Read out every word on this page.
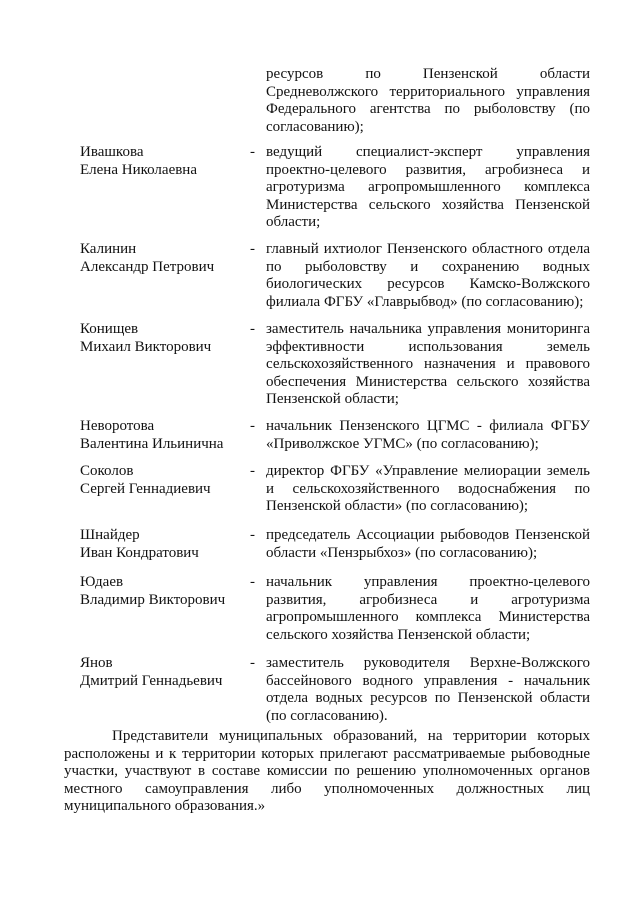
ресурсов по Пензенской области Средневолжского территориального управления Федерального агентства по рыболовству (по согласованию);
Ивашкова
Елена Николаевна
- ведущий специалист-эксперт управления проектно-целевого развития, агробизнеса и агротуризма агропромышленного комплекса Министерства сельского хозяйства Пензенской области;
Калинин
Александр Петрович
- главный ихтиолог Пензенского областного отдела по рыболовству и сохранению водных биологических ресурсов Камско-Волжского филиала ФГБУ «Главрыбвод» (по согласованию);
Конищев
Михаил Викторович
- заместитель начальника управления мониторинга эффективности использования земель сельскохозяйственного назначения и правового обеспечения Министерства сельского хозяйства Пензенской области;
Неворотова
Валентина Ильинична
- начальник Пензенского ЦГМС - филиала ФГБУ «Приволжское УГМС» (по согласованию);
Соколов
Сергей Геннадиевич
- директор ФГБУ «Управление мелиорации земель и сельскохозяйственного водоснабжения по Пензенской области» (по согласованию);
Шнайдер
Иван Кондратович
- председатель Ассоциации рыбоводов Пензенской области «Пензрыбхоз» (по согласованию);
Юдаев
Владимир Викторович
- начальник управления проектно-целевого развития, агробизнеса и агротуризма агропромышленного комплекса Министерства сельского хозяйства Пензенской области;
Янов
Дмитрий Геннадьевич
- заместитель руководителя Верхне-Волжского бассейнового водного управления - начальник отдела водных ресурсов по Пензенской области (по согласованию).
Представители муниципальных образований, на территории которых расположены и к территории которых прилегают рассматриваемые рыбоводные участки, участвуют в составе комиссии по решению уполномоченных органов местного самоуправления либо уполномоченных должностных лиц муниципального образования.»
